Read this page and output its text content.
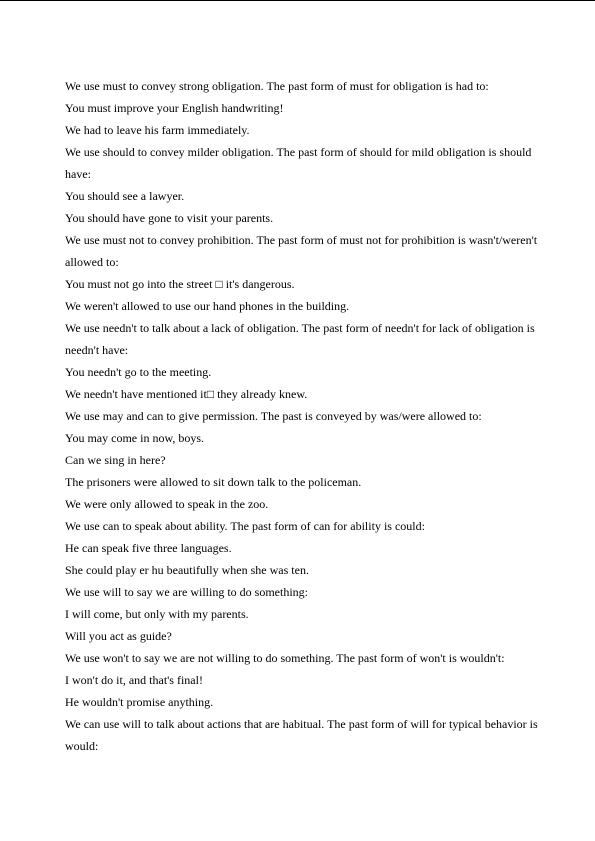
We use must to convey strong obligation. The past form of must for obligation is had to:
You must improve your English handwriting!
We had to leave his farm immediately.
We use should to convey milder obligation. The past form of should for mild obligation is should
have:
You should see a lawyer.
You should have gone to visit your parents.
We use must not to convey prohibition. The past form of must not for prohibition is wasn't/weren't
allowed to:
You must not go into the street □ it's dangerous.
We weren't allowed to use our hand phones in the building.
We use needn't to talk about a lack of obligation. The past form of needn't for lack of obligation is
needn't have:
You needn't go to the meeting.
We needn't have mentioned it□ they already knew.
We use may and can to give permission. The past is conveyed by was/were allowed to:
You may come in now, boys.
Can we sing in here?
The prisoners were allowed to sit down talk to the policeman.
We were only allowed to speak in the zoo.
We use can to speak about ability. The past form of can for ability is could:
He can speak five three languages.
She could play er hu beautifully when she was ten.
We use will to say we are willing to do something:
I will come, but only with my parents.
Will you act as guide?
We use won't to say we are not willing to do something. The past form of won't is wouldn't:
I won't do it, and that's final!
He wouldn't promise anything.
We can use will to talk about actions that are habitual. The past form of will for typical behavior is
would:
